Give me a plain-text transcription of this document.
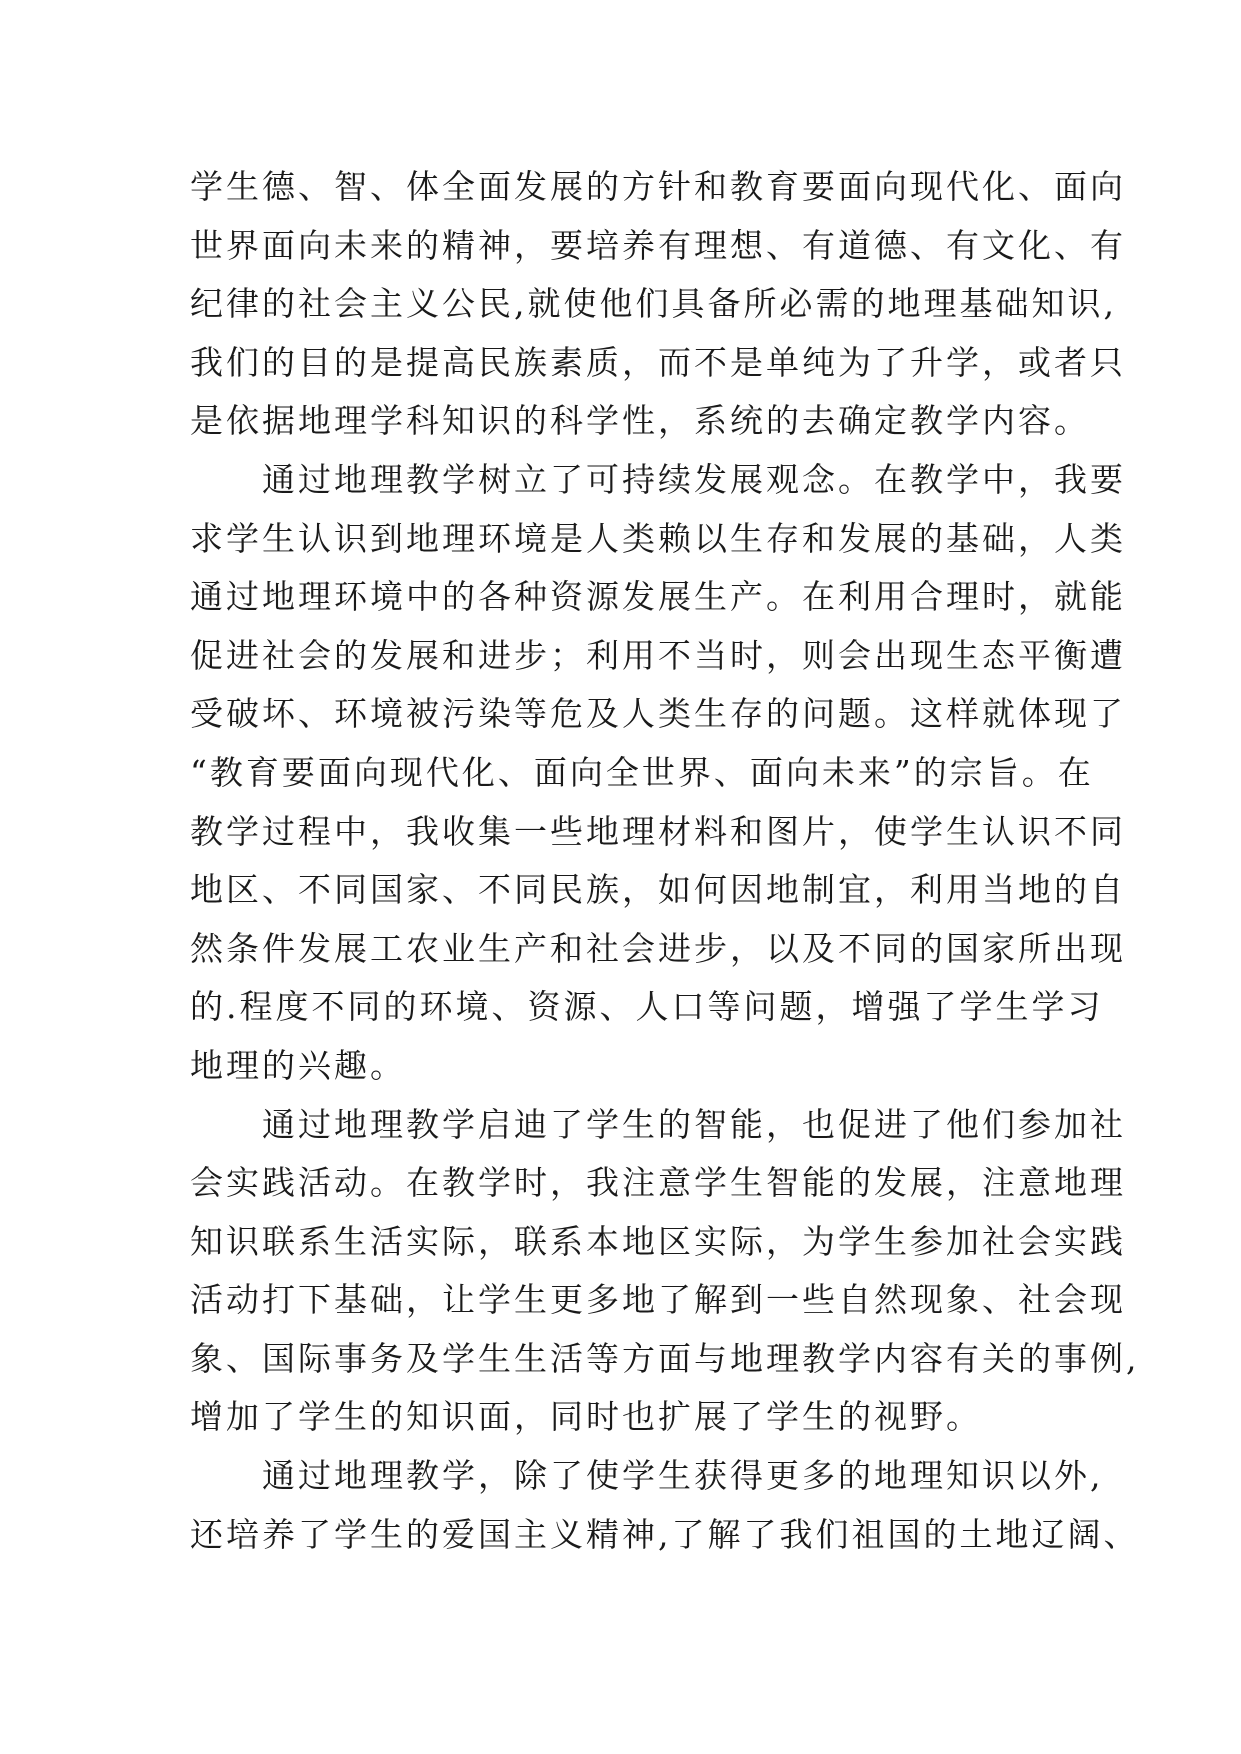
学生德、智、体全面发展的方针和教育要面向现代化、面向
世界面向未来的精神，要培养有理想、有道德、有文化、有
纪律的社会主义公民,就使他们具备所必需的地理基础知识,
我们的目的是提高民族素质，而不是单纯为了升学，或者只
是依据地理学科知识的科学性，系统的去确定教学内容。
　　通过地理教学树立了可持续发展观念。在教学中，我要
求学生认识到地理环境是人类赖以生存和发展的基础，人类
通过地理环境中的各种资源发展生产。在利用合理时，就能
促进社会的发展和进步；利用不当时，则会出现生态平衡遭
受破坏、环境被污染等危及人类生存的问题。这样就体现了
“教育要面向现代化、面向全世界、面向未来”的宗旨。在
教学过程中，我收集一些地理材料和图片，使学生认识不同
地区、不同国家、不同民族，如何因地制宜，利用当地的自
然条件发展工农业生产和社会进步，以及不同的国家所出现
的.程度不同的环境、资源、人口等问题，增强了学生学习
地理的兴趣。
　　通过地理教学启迪了学生的智能，也促进了他们参加社
会实践活动。在教学时，我注意学生智能的发展，注意地理
知识联系生活实际，联系本地区实际，为学生参加社会实践
活动打下基础，让学生更多地了解到一些自然现象、社会现
象、国际事务及学生生活等方面与地理教学内容有关的事例,
增加了学生的知识面，同时也扩展了学生的视野。
　　通过地理教学，除了使学生获得更多的地理知识以外,
还培养了学生的爱国主义精神,了解了我们祖国的土地辽阔、
